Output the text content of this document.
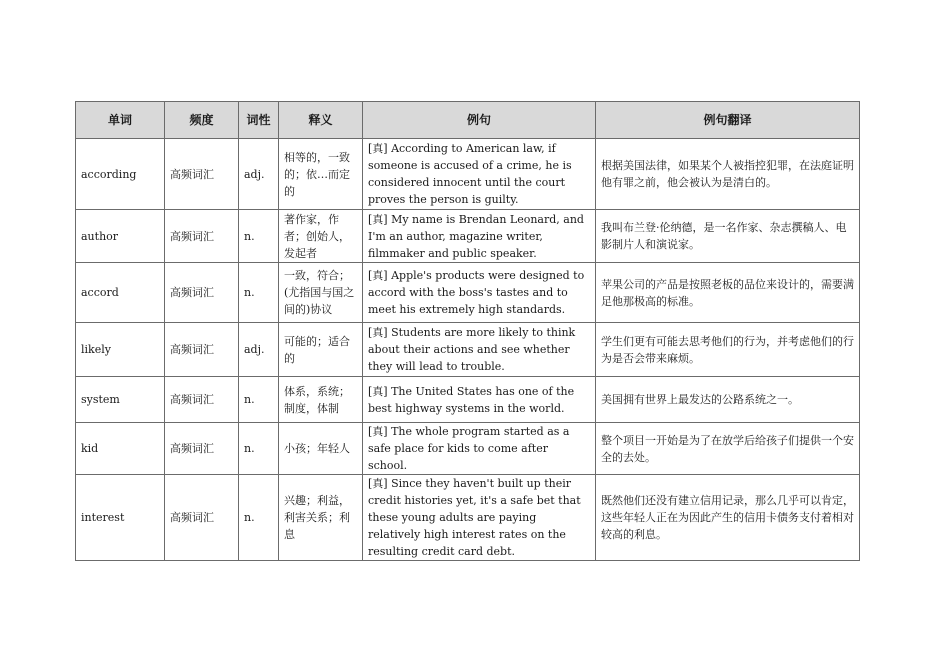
单词	频度	词性	释义	例句	例句翻译
according	高频词汇	adj.	相等的，一致的；依…而定的	[真] According to American law, if someone is accused of a crime, he is considered innocent until the court proves the person is guilty.	根据美国法律，如果某个人被指控犯罪，在法庭证明他有罪之前，他会被认为是清白的。
author	高频词汇	n.	著作家，作者；创始人，发起者	[真] My name is Brendan Leonard, and I'm an author, magazine writer, filmmaker and public speaker.	我叫布兰登·伦纳德，是一名作家、杂志撰稿人、电影制片人和演说家。
accord	高频词汇	n.	一致，符合；(尤指国与国之间的)协议	[真] Apple's products were designed to accord with the boss's tastes and to meet his extremely high standards.	苹果公司的产品是按照老板的品位来设计的，需要满足他那极高的标准。
likely	高频词汇	adj.	可能的；适合的	[真] Students are more likely to think about their actions and see whether they will lead to trouble.	学生们更有可能去思考他们的行为，并考虑他们的行为是否会带来麻烦。
system	高频词汇	n.	体系，系统；制度，体制	[真] The United States has one of the best highway systems in the world.	美国拥有世界上最发达的公路系统之一。
kid	高频词汇	n.	小孩；年轻人	[真] The whole program started as a safe place for kids to come after school.	整个项目一开始是为了在放学后给孩子们提供一个安全的去处。
interest	高频词汇	n.	兴趣；利益，利害关系；利息	[真] Since they haven't built up their credit histories yet, it's a safe bet that these young adults are paying relatively high interest rates on the resulting credit card debt.	既然他们还没有建立信用记录，那么几乎可以肯定，这些年轻人正在为因此产生的信用卡债务支付着相对较高的利息。
